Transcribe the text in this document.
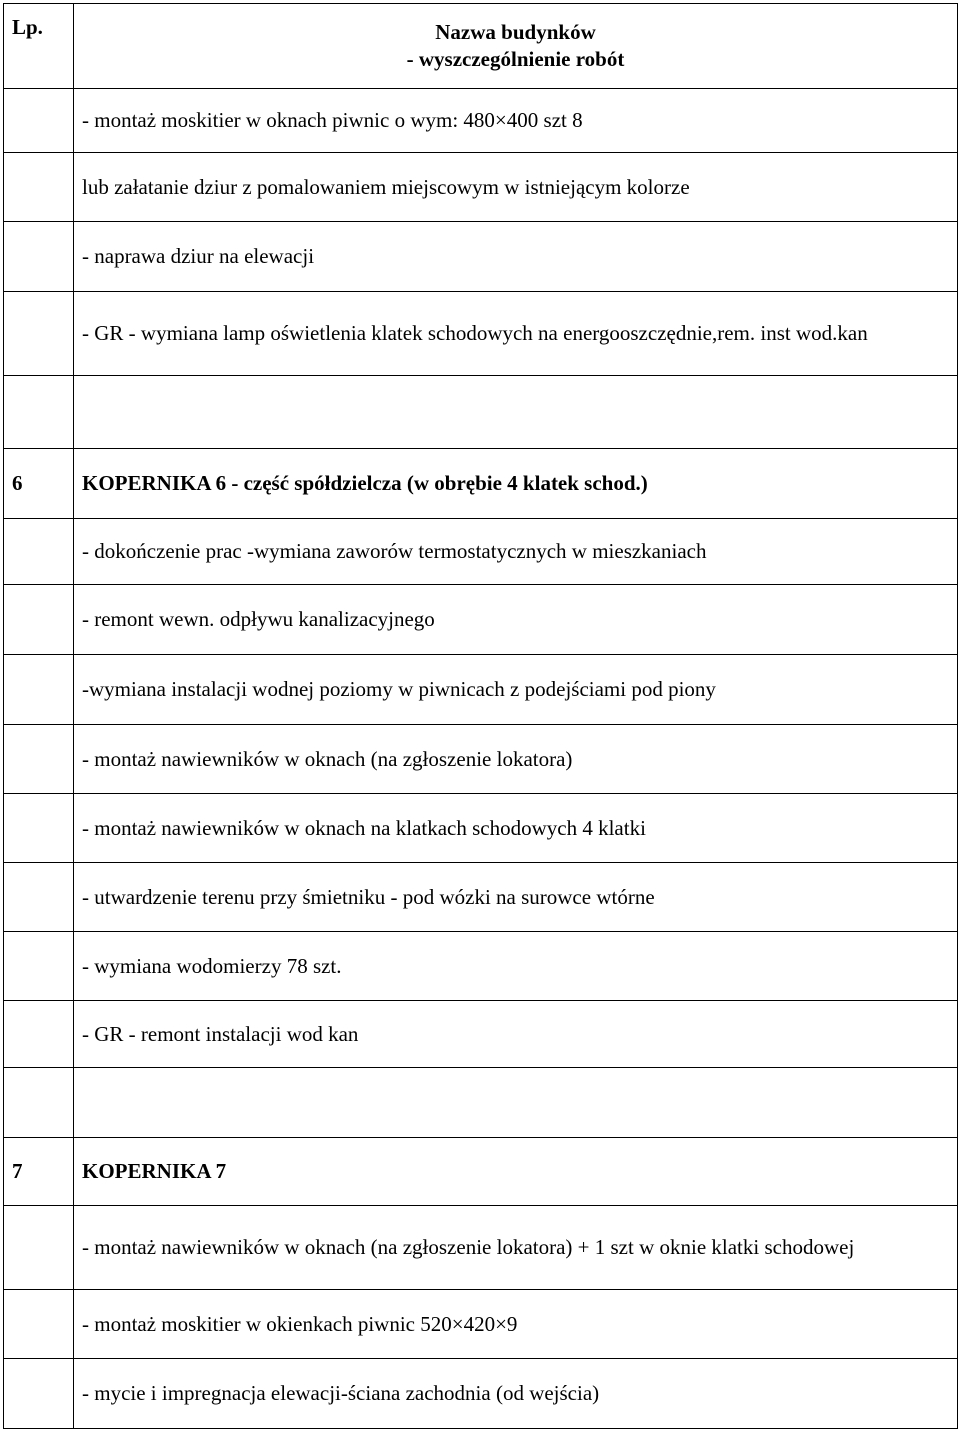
Lp.	Nazwa budynków
- wyszczególnienie robót

	- montaż moskitier w oknach piwnic o wym: 480×400 szt 8
	lub załatanie dziur z pomalowaniem miejscowym w istniejącym kolorze
	- naprawa dziur na elewacji
	- GR - wymiana lamp oświetlenia klatek schodowych na energooszczędnie,rem. inst wod.kan

6	KOPERNIKA 6 - część spółdzielcza (w obrębie 4 klatek schod.)
	- dokończenie prac -wymiana zaworów termostatycznych w mieszkaniach
	- remont wewn. odpływu kanalizacyjnego
	-wymiana instalacji wodnej poziomy w piwnicach z podejściami pod piony
	- montaż nawiewników w oknach (na zgłoszenie lokatora)
	- montaż nawiewników w oknach na klatkach schodowych 4 klatki
	- utwardzenie terenu przy śmietniku - pod wózki na surowce wtórne
	- wymiana wodomierzy 78 szt.
	- GR - remont instalacji wod kan

7	KOPERNIKA 7
	- montaż nawiewników w oknach (na zgłoszenie lokatora) + 1 szt w oknie klatki schodowej
	- montaż moskitier w okienkach piwnic 520×420×9
	- mycie i impregnacja elewacji-ściana zachodnia (od wejścia)
